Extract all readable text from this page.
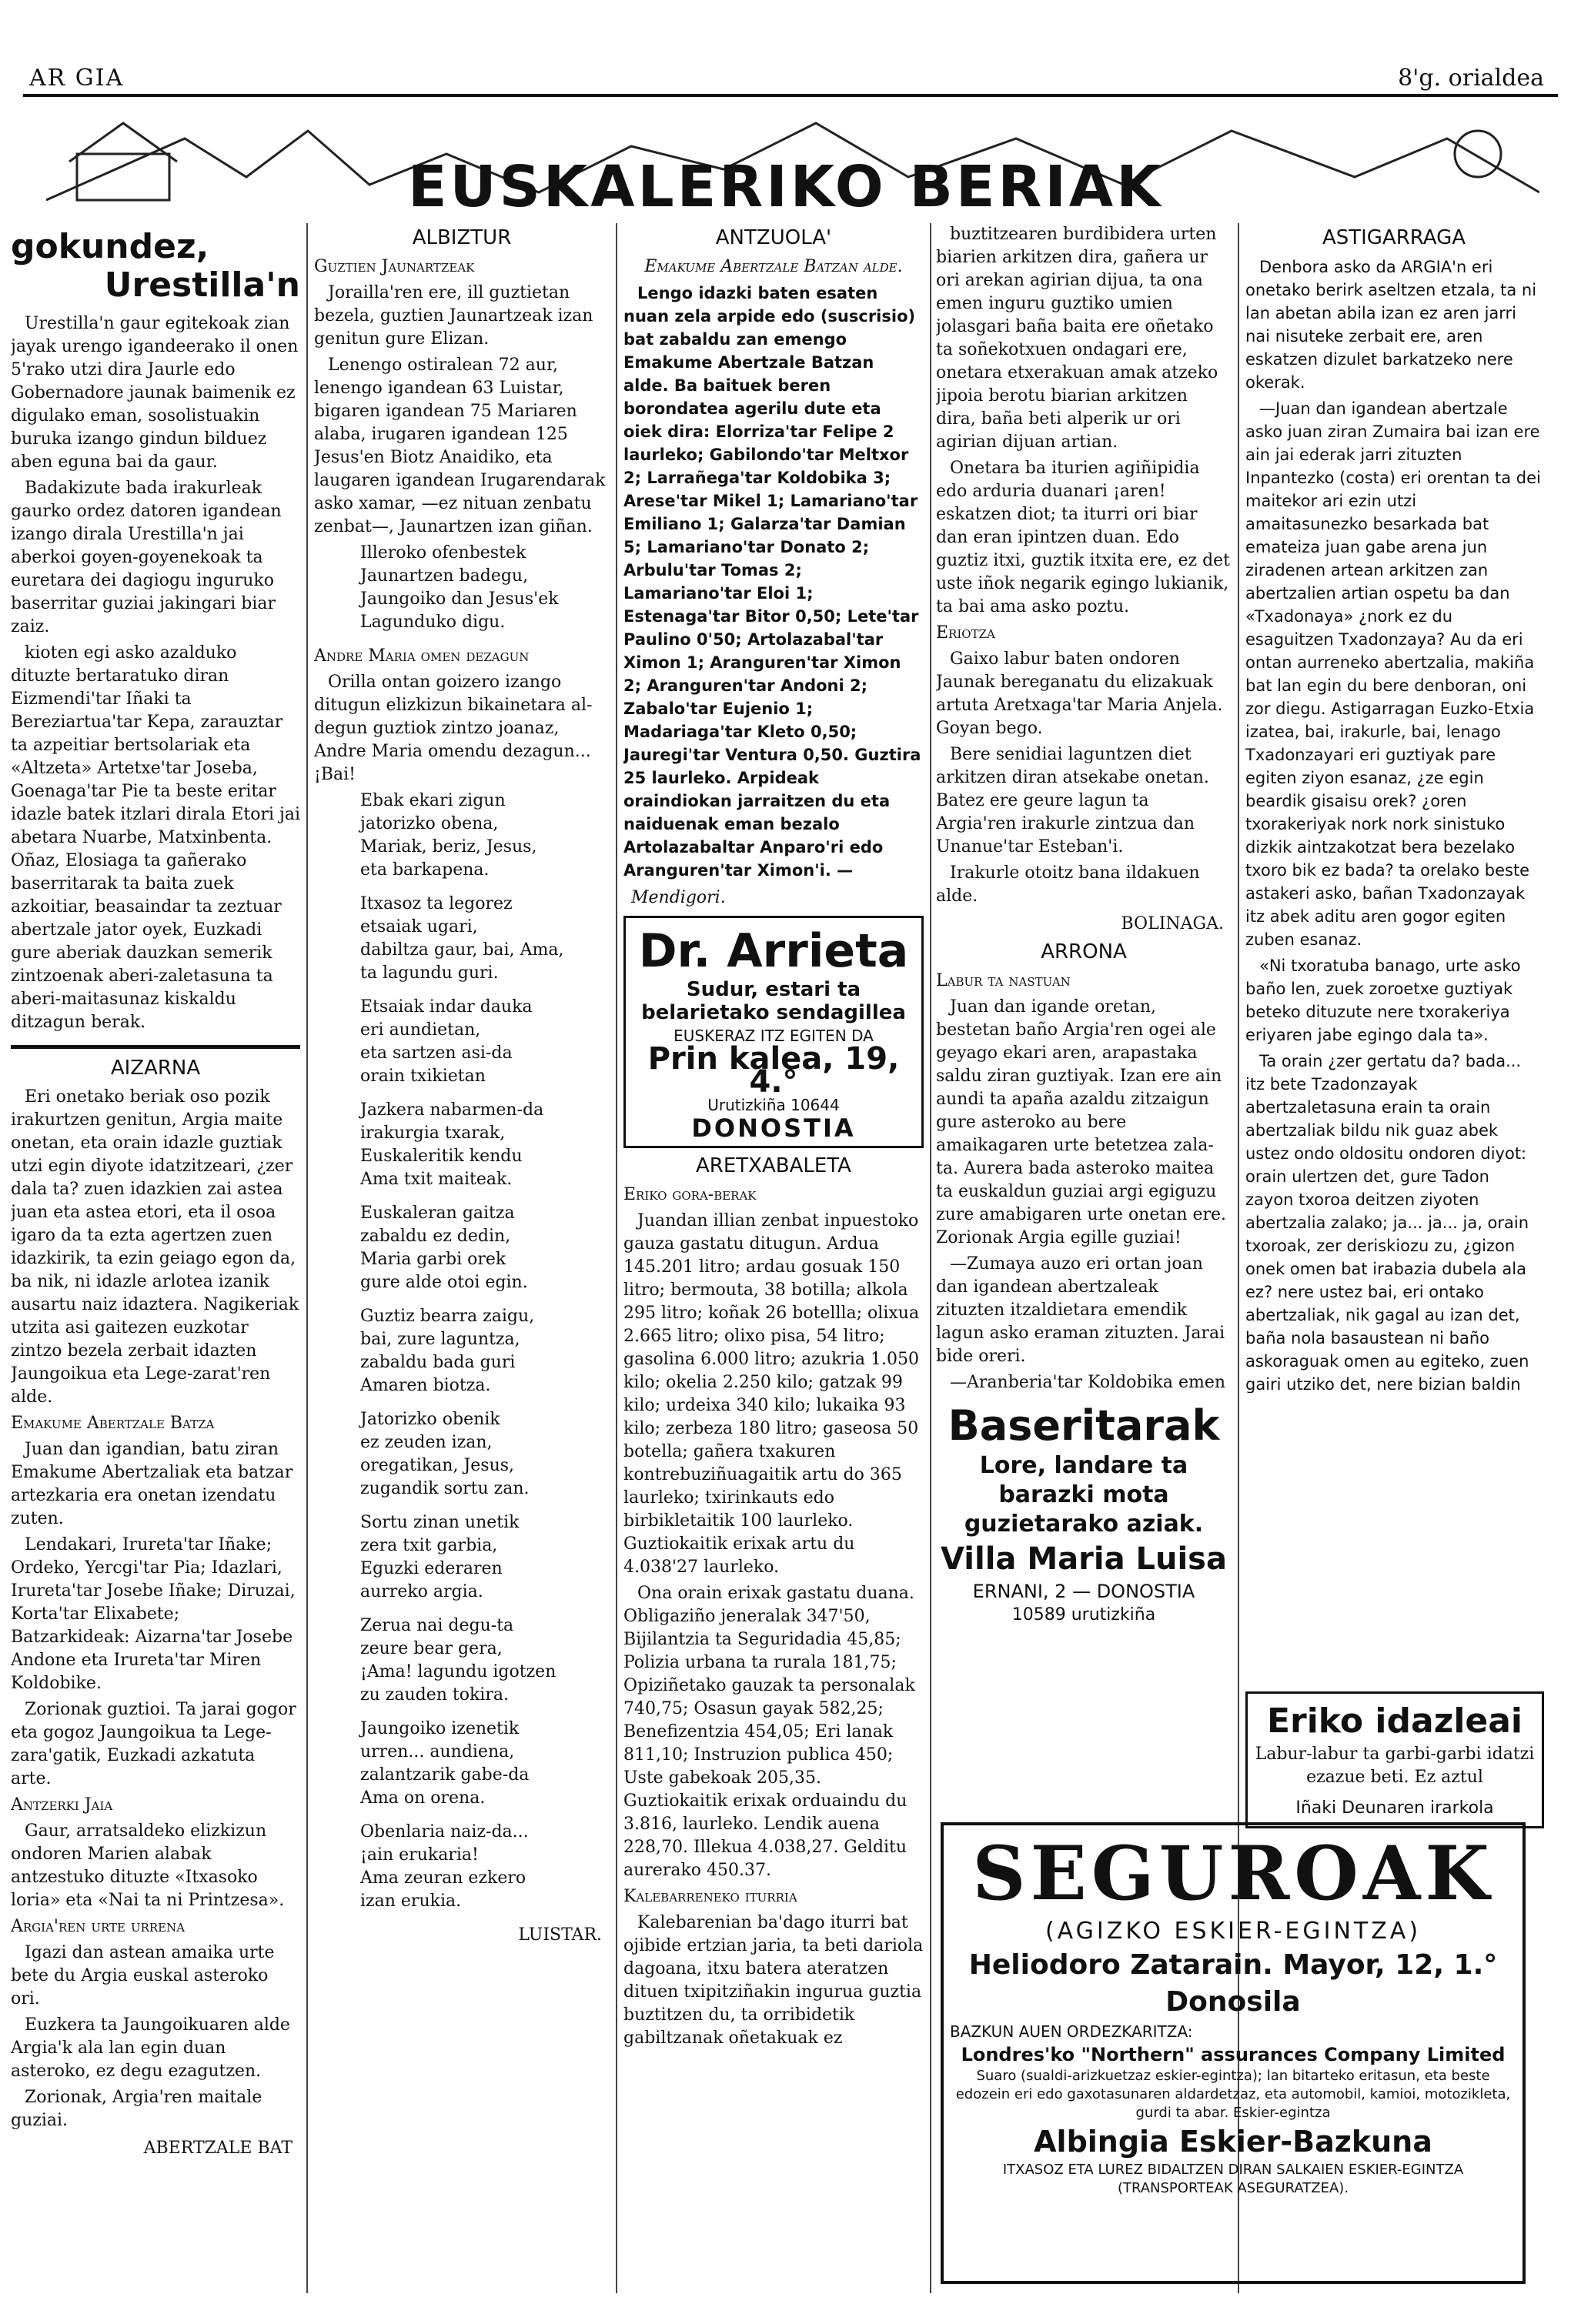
AR GIA	8'g. orialdea
EUSKALERIKO BERIAK
gokundez,
Urestilla'n

Urestilla'n gaur egitekoak zian jayak urengo igandeerako il onen 5'rako utzi dira Jaurle edo Gobernadore jaunak baimenik ez digulako eman, sosolistuakin buruka izango gindun bilduez aben eguna bai da gaur.

Badakizute bada irakurleak gaurko ordez datoren igandean izango dirala Urestilla'n jai aberkoi goyen-goyenekoak ta euretara dei dagiogu inguruko baserritar guziai jakingari biar zaiz.

kioten egi asko azalduko dituzte bertaratuko diran Eizmendi'tar Iñaki ta Bereziartua'tar Kepa, zarauztar ta azpeitiar bertsolariak eta «Altzeta» Artetxe'tar Joseba, Goenaga'tar Pie ta beste eritar idazle batek itzlari dirala Etori jai abetara Nuarbe, Matxinbenta. Oñaz, Elosiaga ta gañerako baserritarak ta baita zuek azkoitiar, beasaindar ta zeztuar abertzale jator oyek, Euzkadi gure aberiak dauzkan semerik zintzoenak aberi-zaletasuna ta aberi-maitasunaz kiskaldu ditzagun berak.

AIZARNA

Eri onetako beriak oso pozik irakurtzen genitun, Argia maite onetan, eta orain idazle guztiak utzi egin diyote idatzitzeari, ¿zer dala ta? zuen idazkien zai astea juan eta astea etori, eta il osoa igaro da ta ezta agertzen zuen idazkirik, ta ezin geiago egon da, ba nik, ni idazle arlotea izanik ausartu naiz idaztera. Nagikeriak utzita asi gaitezen euzkotar zintzo bezela zerbait idazten Jaungoikua eta Lege-zarat'ren alde.

Emakume Abertzale Batza

Juan dan igandian, batu ziran Emakume Abertzaliak eta batzar artezkaria era onetan izendatu zuten.

Lendakari, Irureta'tar Iñake; Ordeko, Yercgi'tar Pia; Idazlari, Irureta'tar Josebe Iñake; Diruzai, Korta'tar Elixabete; Batzarkideak: Aizarna'tar Josebe Andone eta Irureta'tar Miren Koldobike.

Zorionak guztioi. Ta jarai gogor eta gogoz Jaungoikua ta Lege-zara'gatik, Euzkadi azkatuta arte.

Antzerki Jaia

Gaur, arratsaldeko elizkizun ondoren Marien alabak antzestuko dituzte «Itxasoko loria» eta «Nai ta ni Printzesa».

Argia'ren urte urrena

Igazi dan astean amaika urte bete du Argia euskal asteroko ori.

Euzkera ta Jaungoikuaren alde Argia'k ala lan egin duan asteroko, ez degu ezagutzen.

Zorionak, Argia'ren maitale guziai.

ABERTZALE BAT
ALBIZTUR
Guztien Jaunartzeak

Jorailla'ren ere, ill guztietan bezela, guztien Jaunartzeak izan genitun gure Elizan.

Lenengo ostiralean 72 aur, lenengo igandean 63 Luistar, bigaren igandean 75 Mariaren alaba, irugaren igandean 125 Jesus'en Biotz Anaidiko, eta laugaren igandean Irugarendarak asko xamar, —ez nituan zenbatu zenbat—, Jaunartzen izan giñan.

Illeroko ofenbestek
Jaunartzen badegu,
Jaungoiko dan Jesus'ek
Lagunduko digu.
Andre Maria omen dezagun

Orilla ontan goizero izango ditugun elizkizun bikainetara al-degun guztiok zintzo joanaz, Andre Maria omendu dezagun... ¡Bai!

Ebak ekari zigun
jatorizko obena,
Mariak, beriz, Jesus,
eta barkapena.
Itxasoz ta legorez
etsaiak ugari,
dabiltza gaur, bai, Ama,
ta lagundu guri.
Etsaiak indar dauka
eri aundietan,
eta sartzen asi-da
orain txikietan
Jazkera nabarmen-da
irakurgia txarak,
Euskaleritik kendu
Ama txit maiteak.
Euskaleran gaitza
zabaldu ez dedin,
Maria garbi orek
gure alde otoi egin.
Guztiz bearra zaigu,
bai, zure laguntza,
zabaldu bada guri
Amaren biotza.
Jatorizko obenik
ez zeuden izan,
oregatikan, Jesus,
zugandik sortu zan.
Sortu zinan unetik
zera txit garbia,
Eguzki ederaren
aurreko argia.
Zerua nai degu-ta
zeure bear gera,
¡Ama! lagundu igotzen
zu zauden tokira.
Jaungoiko izenetik
urren... aundiena,
zalantzarik gabe-da
Ama on orena.
Obenlaria naiz-da...
¡ain erukaria!
Ama zeuran ezkero
izan erukia.
LUISTAR.
ANTZUOLA'
Emakume Abertzale Batzan alde.

Lengo idazki baten esaten nuan zela arpide edo (suscrisio) bat zabaldu zan emengo Emakume Abertzale Batzan alde. Ba baituek beren borondatea agerilu dute eta oiek dira: Elorriza'tar Felipe 2 laurleko; Gabilondo'tar Meltxor 2; Larrañega'tar Koldobika 3; Arese'tar Mikel 1; Lamariano'tar Emiliano 1; Galarza'tar Damian 5; Lamariano'tar Donato 2; Arbulu'tar Tomas 2; Lamariano'tar Eloi 1; Estenaga'tar Bitor 0,50; Lete'tar Paulino 0'50; Artolazabal'tar Ximon 1; Aranguren'tar Ximon 2; Aranguren'tar Andoni 2; Zabalo'tar Eujenio 1; Madariaga'tar Kleto 0,50; Jauregi'tar Ventura 0,50. Guztira 25 laurleko. Arpideak oraindiokan jarraitzen du eta naiduenak eman bezalo Artolazabaltar Anparo'ri edo Aranguren'tar Ximon'i. —

Mendigori.
Dr. Arrieta
Sudur, estari ta belarietako sendagillea
EUSKERAZ ITZ EGITEN DA
Prin kalea, 19, 4.°
Urutizkiña 10644
DONOSTIA
ARETXABALETA
Eriko gora-berak

Juandan illian zenbat inpuestoko gauza gastatu ditugun. Ardua 145.201 litro; ardau gosuak 150 litro; bermouta, 38 botilla; alkola 295 litro; koñak 26 botellla; olixua 2.665 litro; olixo pisa, 54 litro; gasolina 6.000 litro; azukria 1.050 kilo; okelia 2.250 kilo; gatzak 99 kilo; urdeixa 340 kilo; lukaika 93 kilo; zerbeza 180 litro; gaseosa 50 botella; gañera txakuren kontrebuziñuagaitik artu do 365 laurleko; txirinkauts edo birbikletaitik 100 laurleko. Guztiokaitik erixak artu du 4.038'27 laurleko.

Ona orain erixak gastatu duana. Obligaziño jeneralak 347'50, Bijilantzia ta Seguridadia 45,85; Polizia urbana ta rurala 181,75; Opiziñetako gauzak ta personalak 740,75; Osasun gayak 582,25; Benefizentzia 454,05; Eri lanak 811,10; Instruzion publica 450; Uste gabekoak 205,35. Guztiokaitik erixak orduaindu du 3.816, laurleko. Lendik auena 228,70. Illekua 4.038,27. Gelditu aurerako 450.37.

Kalebarreneko iturria

Kalebarenian ba'dago iturri bat ojibide ertzian jaria, ta beti dariola dagoana, itxu batera ateratzen dituen txipitziñakin ingurua guztia buztitzen du, ta orribidetik gabiltzanak oñetakuak ez

buztitzearen burdibidera urten biarien arkitzen dira, gañera ur ori arekan agirian dijua, ta ona emen inguru guztiko umien jolasgari baña baita ere oñetako ta soñekotxuen ondagari ere, onetara etxerakuan amak atzeko jipoia berotu biarian arkitzen dira, baña beti alperik ur ori agirian dijuan artian.

Onetara ba iturien agiñipidia edo arduria duanari ¡aren! eskatzen diot; ta iturri ori biar dan eran ipintzen duan. Edo guztiz itxi, guztik itxita ere, ez det uste iñok negarik egingo lukianik, ta bai ama asko poztu.

Eriotza

Gaixo labur baten ondoren Jaunak bereganatu du elizakuak artuta Aretxaga'tar Maria Anjela. Goyan bego.

Bere senidiai laguntzen diet arkitzen diran atsekabe onetan. Batez ere geure lagun ta Argia'ren irakurle zintzua dan Unanue'tar Esteban'i.

Irakurle otoitz bana ildakuen alde.

BOLINAGA.
ARRONA
Labur ta nastuan

Juan dan igande oretan, bestetan baño Argia'ren ogei ale geyago ekari aren, arapastaka saldu ziran guztiyak. Izan ere ain aundi ta apaña azaldu zitzaigun gure asteroko au bere amaikagaren urte betetzea zala-ta. Aurera bada asteroko maitea ta euskaldun guziai argi egiguzu zure amabigaren urte onetan ere. Zorionak Argia egille guziai!

—Zumaya auzo eri ortan joan dan igandean abertzaleak zituzten itzaldietara emendik lagun asko eraman zituzten. Jarai bide oreri.

—Aranberia'tar Koldobika emen

Baseritarak
Lore, landare ta barazki mota guzietarako aziak.
Villa Maria Luisa
ERNANI, 2 — DONOSTIA
10589 urutizkiña
ASTIGARRAGA

Denbora asko da ARGIA'n eri onetako berirk aseltzen etzala, ta ni lan abetan abila izan ez aren jarri nai nisuteke zerbait ere, aren eskatzen dizulet barkatzeko nere okerak.

—Juan dan igandean abertzale asko juan ziran Zumaira bai izan ere ain jai ederak jarri zituzten Inpantezko (costa) eri orentan ta dei maitekor ari ezin utzi amaitasunezko besarkada bat emateiza juan gabe arena jun ziradenen artean arkitzen zan abertzalien artian ospetu ba dan «Txadonaya» ¿nork ez du esaguitzen Txadonzaya? Au da eri ontan aurreneko abertzalia, makiña bat lan egin du bere denboran, oni zor diegu. Astigarragan Euzko-Etxia izatea, bai, irakurle, bai, lenago Txadonzayari eri guztiyak pare egiten ziyon esanaz, ¿ze egin beardik gisaisu orek? ¿oren txorakeriyak nork nork sinistuko dizkik aintzakotzat bera bezelako txoro bik ez bada? ta orelako beste astakeri asko, bañan Txadonzayak itz abek aditu aren gogor egiten zuben esanaz.

«Ni txoratuba banago, urte asko baño len, zuek zoroetxe guztiyak beteko dituzute nere txorakeriya eriyaren jabe egingo dala ta».

Ta orain ¿zer gertatu da? bada... itz bete Tzadonzayak abertzaletasuna erain ta orain abertzaliak bildu nik guaz abek ustez ondo oldositu ondoren diyot: orain ulertzen det, gure Tadon zayon txoroa deitzen ziyoten abertzalia zalako; ja... ja... ja, orain txoroak, zer deriskiozu zu, ¿gizon onek omen bat irabazia dubela ala ez? nere ustez bai, eri ontako abertzaliak, nik gagal au izan det, baña nola basaustean ni baño askoraguak omen au egiteko, zuen gairi utziko det, nere bizian baldin

Eriko idazleai
Labur-labur ta garbi-garbi idatzi ezazue beti. Ez aztul
Iñaki Deunaren irarkola
SEGUROAK
(AGIZKO ESKIER-EGINTZA)
Heliodoro Zatarain. Mayor, 12, 1.° Donosila
BAZKUN AUEN ORDEZKARITZA:
Londres'ko "Northern" assurances Company Limited
Suaro (sualdi-arizkuetzaz eskier-egintza); lan bitarteko eritasun, eta beste edozein eri edo gaxotasunaren aldardetzaz, eta automobil, kamioi, motozikleta, gurdi ta abar. Eskier-egintza
Albingia Eskier-Bazkuna
ITXASOZ ETA LUREZ BIDALTZEN DIRAN SALKAIEN ESKIER-EGINTZA (TRANSPORTEAK ASEGURATZEA).
